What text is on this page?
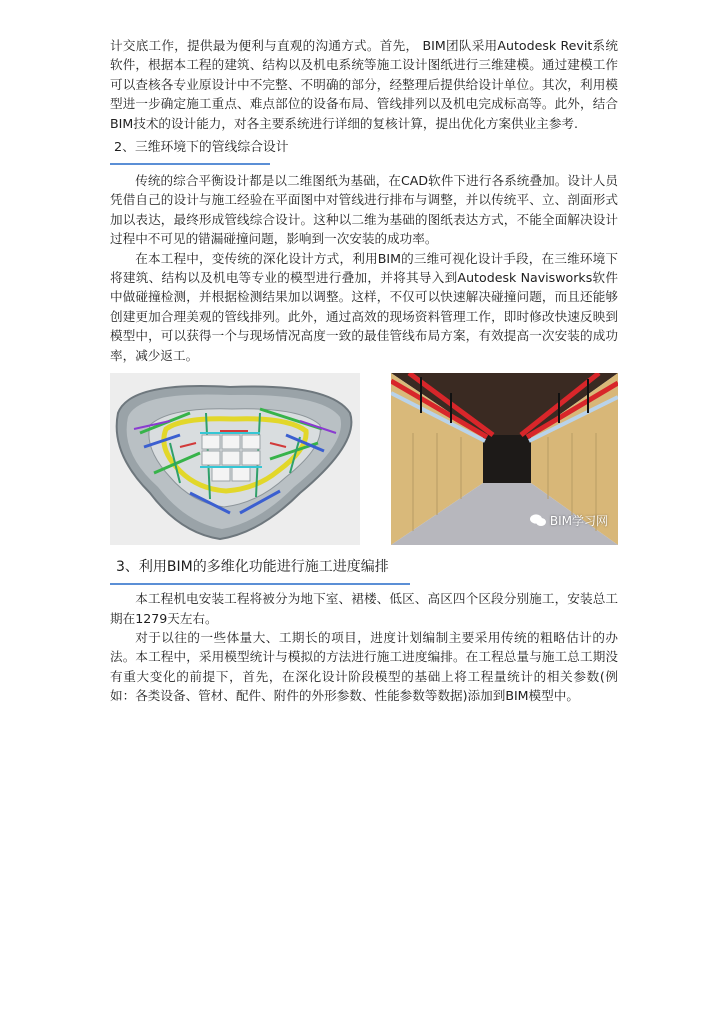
计交底工作，提供最为便利与直观的沟通方式。首先， BIM团队采用Autodesk Revit系统软件，根据本工程的建筑、结构以及机电系统等施工设计图纸进行三维建模。通过建模工作可以查核各专业原设计中不完整、不明确的部分，经整理后提供给设计单位。其次，利用模型进一步确定施工重点、难点部位的设备布局、管线排列以及机电完成标高等。此外，结合BIM技术的设计能力，对各主要系统进行详细的复核计算，提出优化方案供业主参考.

2、三维环境下的管线综合设计

传统的综合平衡设计都是以二维图纸为基础，在CAD软件下进行各系统叠加。设计人员凭借自己的设计与施工经验在平面图中对管线进行排布与调整，并以传统平、立、剖面形式加以表达，最终形成管线综合设计。这种以二维为基础的图纸表达方式，不能全面解决设计过程中不可见的错漏碰撞问题，影响到一次安装的成功率。

在本工程中，变传统的深化设计方式，利用BIM的三维可视化设计手段，在三维环境下将建筑、结构以及机电等专业的模型进行叠加，并将其导入到Autodesk Navisworks软件中做碰撞检测，并根据检测结果加以调整。这样，不仅可以快速解决碰撞问题，而且还能够创建更加合理美观的管线排列。此外，通过高效的现场资料管理工作，即时修改快速反映到模型中，可以获得一个与现场情况高度一致的最佳管线布局方案，有效提高一次安装的成功率，减少返工。

BIM学习网
3、利用BIM的多维化功能进行施工进度编排

本工程机电安装工程将被分为地下室、裙楼、低区、高区四个区段分别施工，安装总工期在1279天左右。

对于以往的一些体量大、工期长的项目，进度计划编制主要采用传统的粗略估计的办法。本工程中，采用模型统计与模拟的方法进行施工进度编排。在工程总量与施工总工期没有重大变化的前提下，首先，在深化设计阶段模型的基础上将工程量统计的相关参数(例如：各类设备、管材、配件、附件的外形参数、性能参数等数据)添加到BIM模型中。
